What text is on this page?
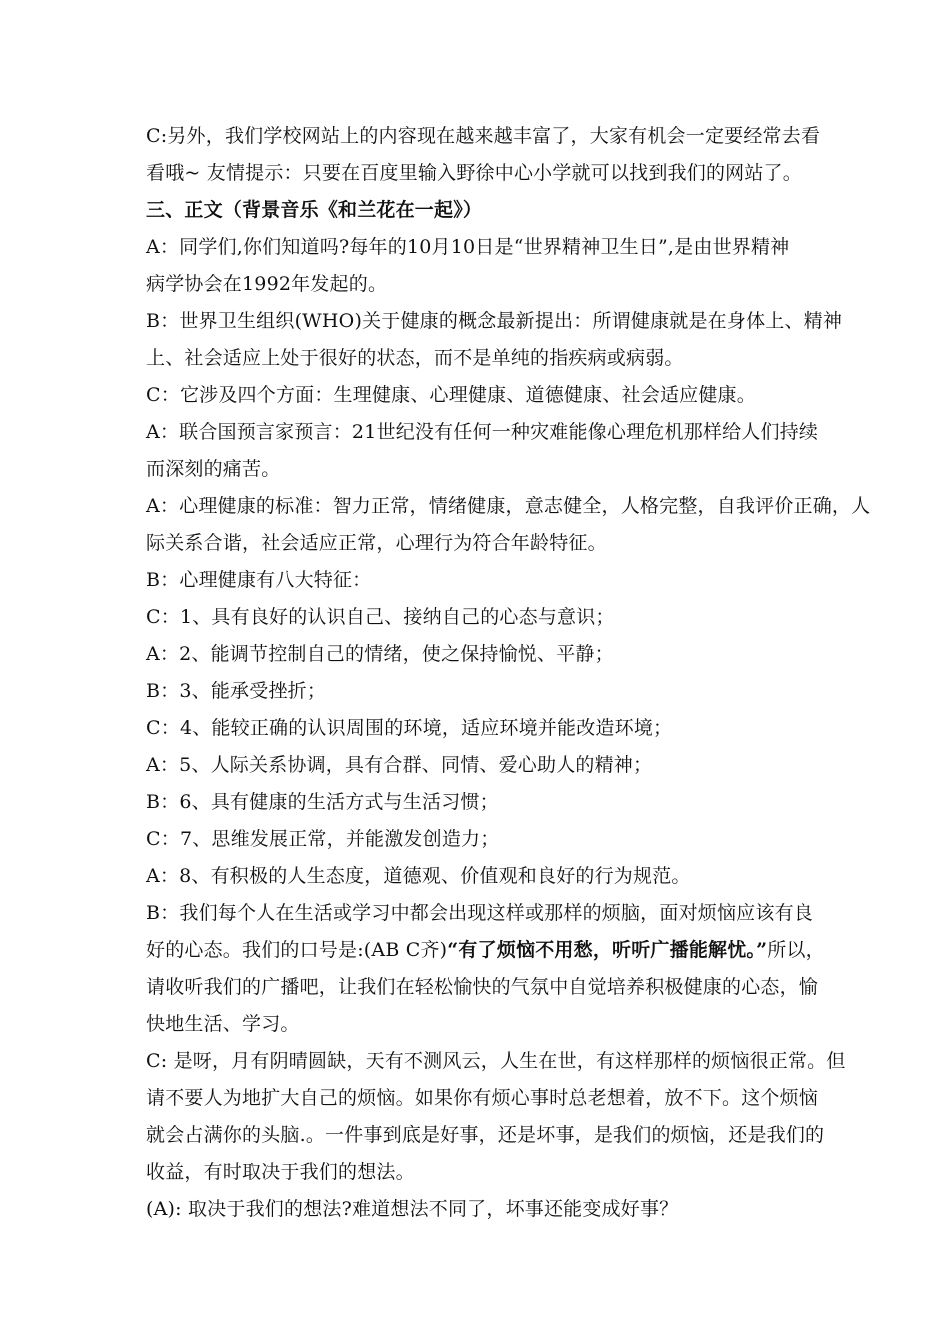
C:另外，我们学校网站上的内容现在越来越丰富了，大家有机会一定要经常去看
看哦~ 友情提示：只要在百度里输入野徐中心小学就可以找到我们的网站了。
三、正文（背景音乐《和兰花在一起》）
A：同学们,你们知道吗?每年的10月10日是“世界精神卫生日”,是由世界精神
病学协会在1992年发起的。
B：世界卫生组织(WHO)关于健康的概念最新提出：所谓健康就是在身体上、精神
上、社会适应上处于很好的状态，而不是单纯的指疾病或病弱。
C：它涉及四个方面：生理健康、心理健康、道德健康、社会适应健康。
A：联合国预言家预言：21世纪没有任何一种灾难能像心理危机那样给人们持续
而深刻的痛苦。
A：心理健康的标准：智力正常，情绪健康，意志健全，人格完整，自我评价正确，人
际关系合谐，社会适应正常，心理行为符合年龄特征。
B：心理健康有八大特征：
C：1、具有良好的认识自己、接纳自己的心态与意识；
A：2、能调节控制自己的情绪，使之保持愉悦、平静；
B：3、能承受挫折；
C：4、能较正确的认识周围的环境，适应环境并能改造环境；
A：5、人际关系协调，具有合群、同情、爱心助人的精神；
B：6、具有健康的生活方式与生活习惯；
C：7、思维发展正常，并能激发创造力；
A：8、有积极的人生态度，道德观、价值观和良好的行为规范。
B：我们每个人在生活或学习中都会出现这样或那样的烦脑，面对烦恼应该有良
好的心态。我们的口号是:(AB C齐)“有了烦恼不用愁，听听广播能解忧。”所以，
请收听我们的广播吧，让我们在轻松愉快的气氛中自觉培养积极健康的心态，愉
快地生活、学习。
C: 是呀，月有阴晴圆缺，天有不测风云，人生在世，有这样那样的烦恼很正常。但
请不要人为地扩大自己的烦恼。如果你有烦心事时总老想着，放不下。这个烦恼
就会占满你的头脑.。一件事到底是好事，还是坏事，是我们的烦恼，还是我们的
收益，有时取决于我们的想法。
(A): 取决于我们的想法?难道想法不同了，坏事还能变成好事？
